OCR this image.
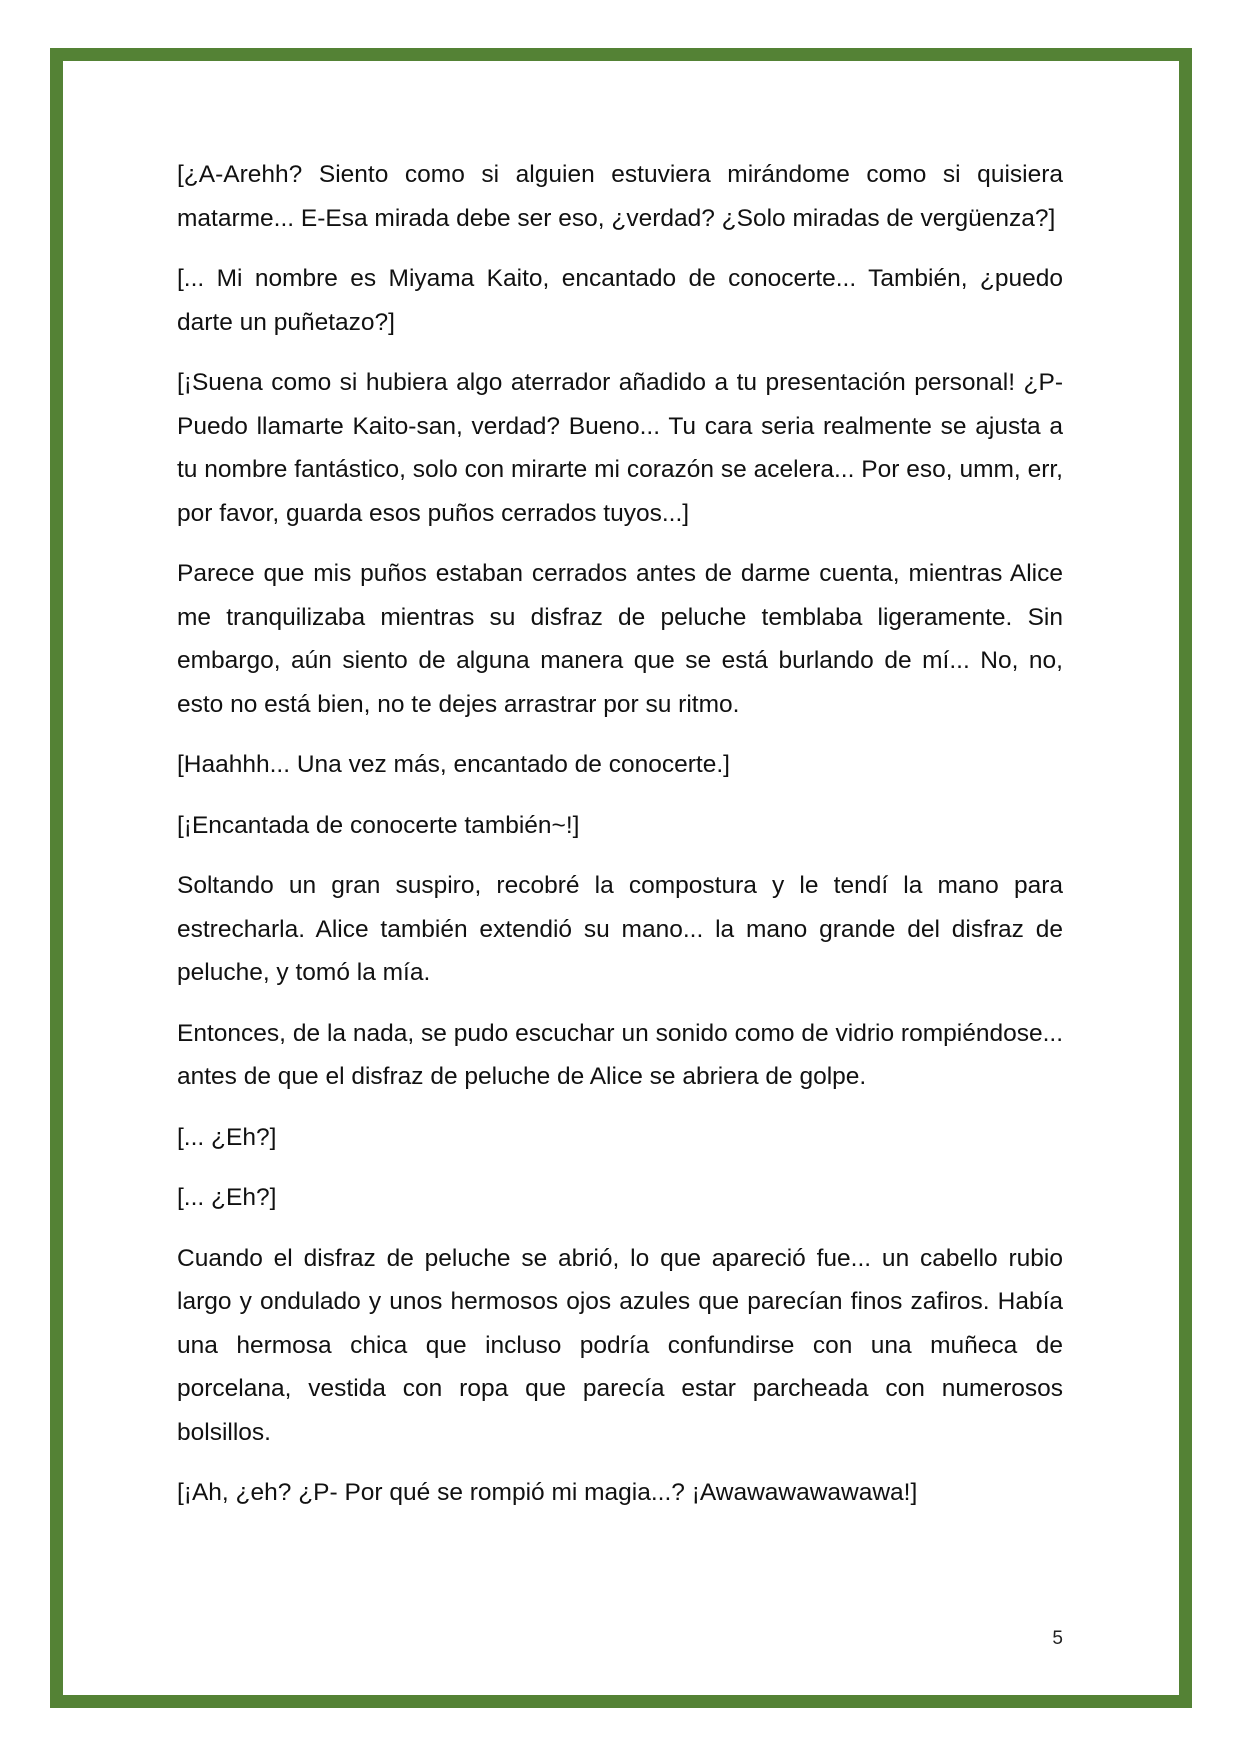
[¿A-Arehh? Siento como si alguien estuviera mirándome como si quisiera matarme... E-Esa mirada debe ser eso, ¿verdad? ¿Solo miradas de vergüenza?]

[... Mi nombre es Miyama Kaito, encantado de conocerte... También, ¿puedo darte un puñetazo?]

[¡Suena como si hubiera algo aterrador añadido a tu presentación personal! ¿P-Puedo llamarte Kaito-san, verdad? Bueno... Tu cara seria realmente se ajusta a tu nombre fantástico, solo con mirarte mi corazón se acelera... Por eso, umm, err, por favor, guarda esos puños cerrados tuyos...]

Parece que mis puños estaban cerrados antes de darme cuenta, mientras Alice me tranquilizaba mientras su disfraz de peluche temblaba ligeramente. Sin embargo, aún siento de alguna manera que se está burlando de mí... No, no, esto no está bien, no te dejes arrastrar por su ritmo.

[Haahhh... Una vez más, encantado de conocerte.]

[¡Encantada de conocerte también~!]

Soltando un gran suspiro, recobré la compostura y le tendí la mano para estrecharla. Alice también extendió su mano... la mano grande del disfraz de peluche, y tomó la mía.

Entonces, de la nada, se pudo escuchar un sonido como de vidrio rompiéndose... antes de que el disfraz de peluche de Alice se abriera de golpe.

[... ¿Eh?]

[... ¿Eh?]

Cuando el disfraz de peluche se abrió, lo que apareció fue... un cabello rubio largo y ondulado y unos hermosos ojos azules que parecían finos zafiros. Había una hermosa chica que incluso podría confundirse con una muñeca de porcelana, vestida con ropa que parecía estar parcheada con numerosos bolsillos.

[¡Ah, ¿eh? ¿P- Por qué se rompió mi magia...? ¡Awawawawawawa!]

5
